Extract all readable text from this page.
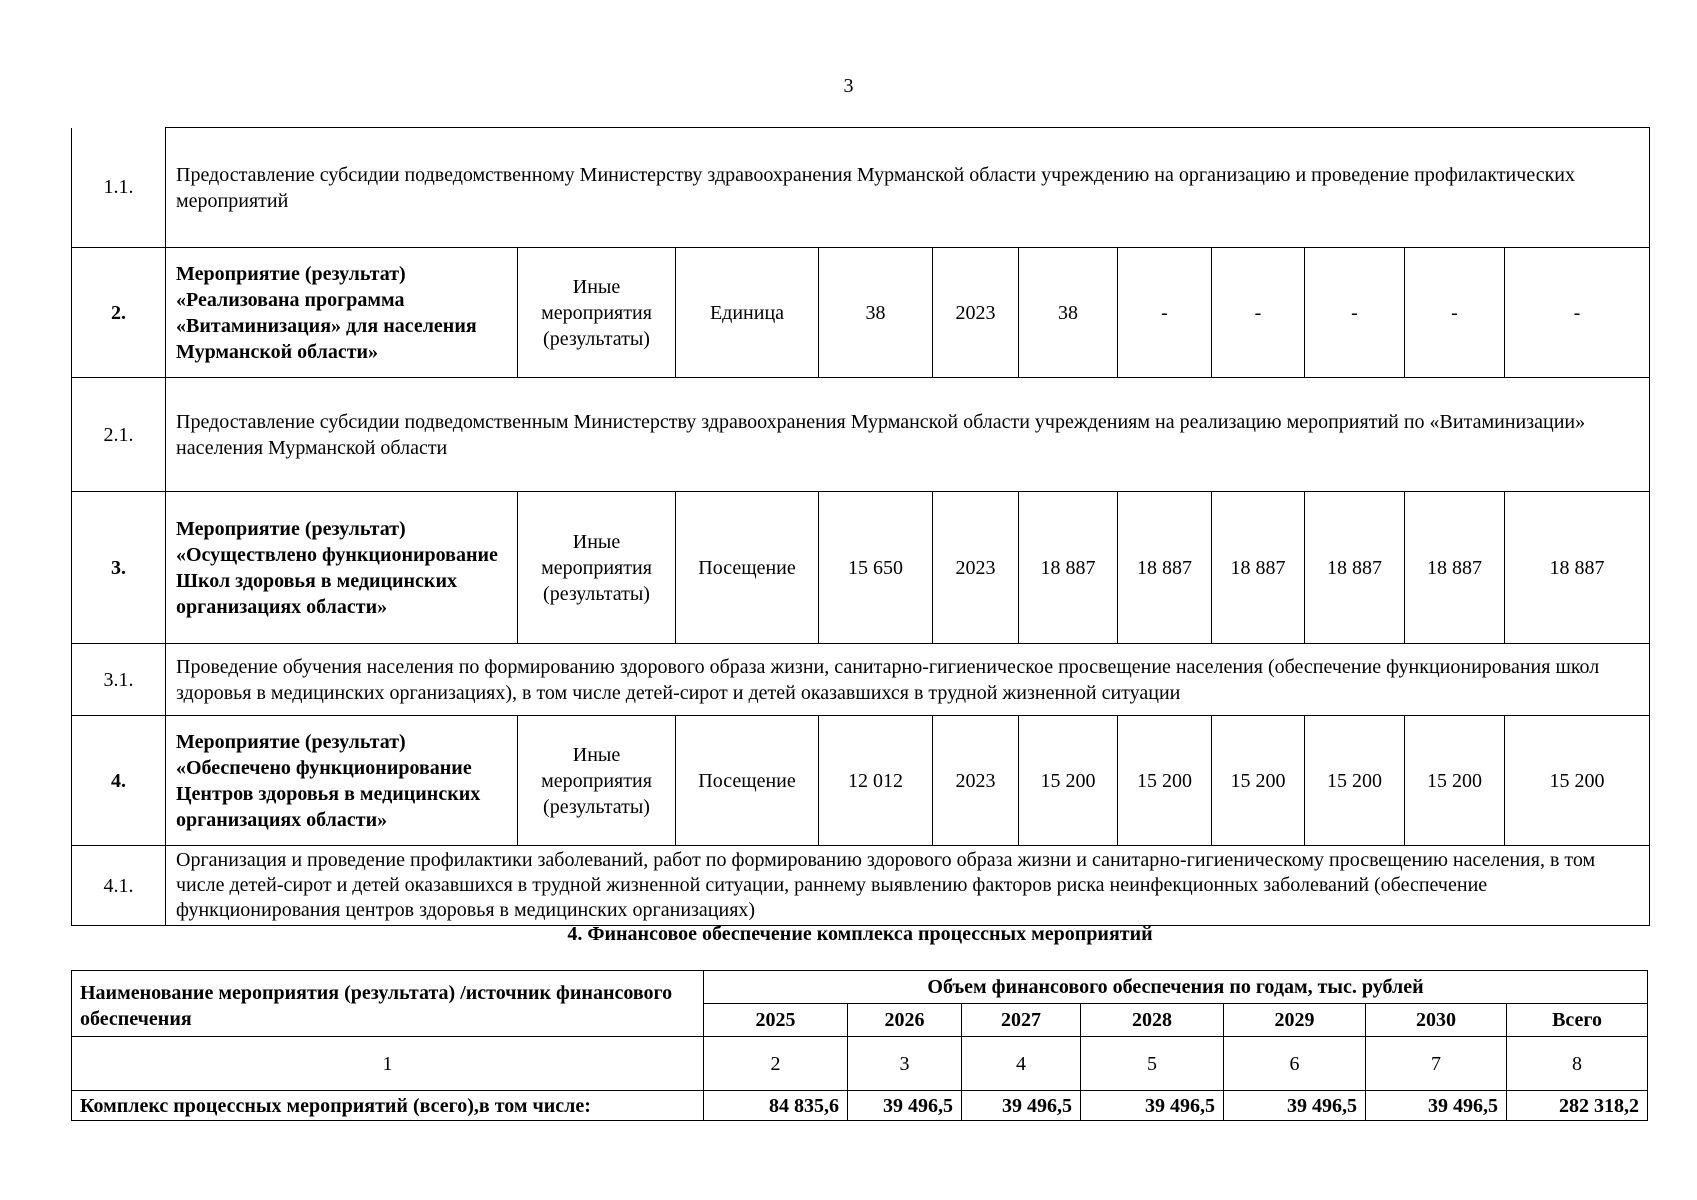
3
1.1.	Предоставление субсидии подведомственному Министерству здравоохранения Мурманской области учреждению на организацию и проведение профилактических мероприятий										
2.	Мероприятие (результат) «Реализована программа «Витаминизация» для населения Мурманской области»	Иные мероприятия (результаты)	Единица	38	2023	38	-	-	-	-	-
2.1.	Предоставление субсидии подведомственным Министерству здравоохранения Мурманской области учреждениям на реализацию мероприятий по «Витаминизации» населения Мурманской области										
3.	Мероприятие (результат) «Осуществлено функционирование Школ здоровья в медицинских организациях области»	Иные мероприятия (результаты)	Посещение	15 650	2023	18 887	18 887	18 887	18 887	18 887	18 887
3.1.	Проведение обучения населения по формированию здорового образа жизни, санитарно-гигиеническое просвещение населения (обеспечение функционирования школ здоровья в медицинских организациях), в том числе детей-сирот и детей оказавшихся в трудной жизненной ситуации										
4.	Мероприятие (результат) «Обеспечено функционирование Центров здоровья в медицинских организациях области»	Иные мероприятия (результаты)	Посещение	12 012	2023	15 200	15 200	15 200	15 200	15 200	15 200
4.1.	Организация и проведение профилактики заболеваний, работ по формированию здорового образа жизни и санитарно-гигиеническому просвещению населения, в том числе детей-сирот и детей оказавшихся в трудной жизненной ситуации, раннему выявлению факторов риска неинфекционных заболеваний (обеспечение функционирования центров здоровья в медицинских организациях)										
4. Финансовое обеспечение комплекса процессных мероприятий
Наименование мероприятия (результата) /источник финансового обеспечения	Объем финансового обеспечения по годам, тыс. рублей						
	2025	2026	2027	2028	2029	2030	Всего
1	2	3	4	5	6	7	8
Комплекс процессных мероприятий (всего),в том числе:	84 835,6	39 496,5	39 496,5	39 496,5	39 496,5	39 496,5	282 318,2
